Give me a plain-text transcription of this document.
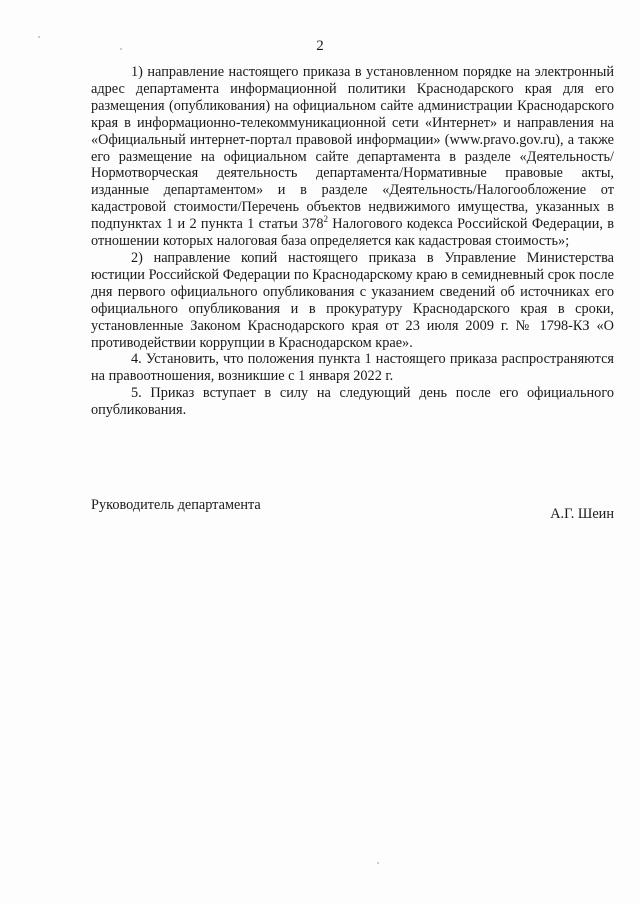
2

1) направление настоящего приказа в установленном порядке на электронный адрес департамента информационной политики Краснодарского края для его размещения (опубликования) на официальном сайте администрации Краснодарского края в информационно-телекоммуникационной сети «Интернет» и направления на «Официальный интернет-портал правовой информации» (www.pravo.gov.ru), а также его размещение на официальном сайте департамента в разделе «Деятельность/Нормотворческая деятельность департамента/Нормативные правовые акты, изданные департаментом» и в разделе «Деятельность/Налогообложение от кадастровой стоимости/Перечень объектов недвижимого имущества, указанных в подпунктах 1 и 2 пункта 1 статьи $378^2$ Налогового кодекса Российской Федерации, в отношении которых налоговая база определяется как кадастровая стоимость»;

2) направление копий настоящего приказа в Управление Министерства юстиции Российской Федерации по Краснодарскому краю в семидневный срок после дня первого официального опубликования с указанием сведений об источниках его официального опубликования и в прокуратуру Краснодарского края в сроки, установленные Законом Краснодарского края от 23 июля 2009 г. № 1798-КЗ «О противодействии коррупции в Краснодарском крае».

4. Установить, что положения пункта 1 настоящего приказа распространяются на правоотношения, возникшие с 1 января 2022 г.

5. Приказ вступает в силу на следующий день после его официального опубликования.

Руководитель департамента
А.Г. Шеин
